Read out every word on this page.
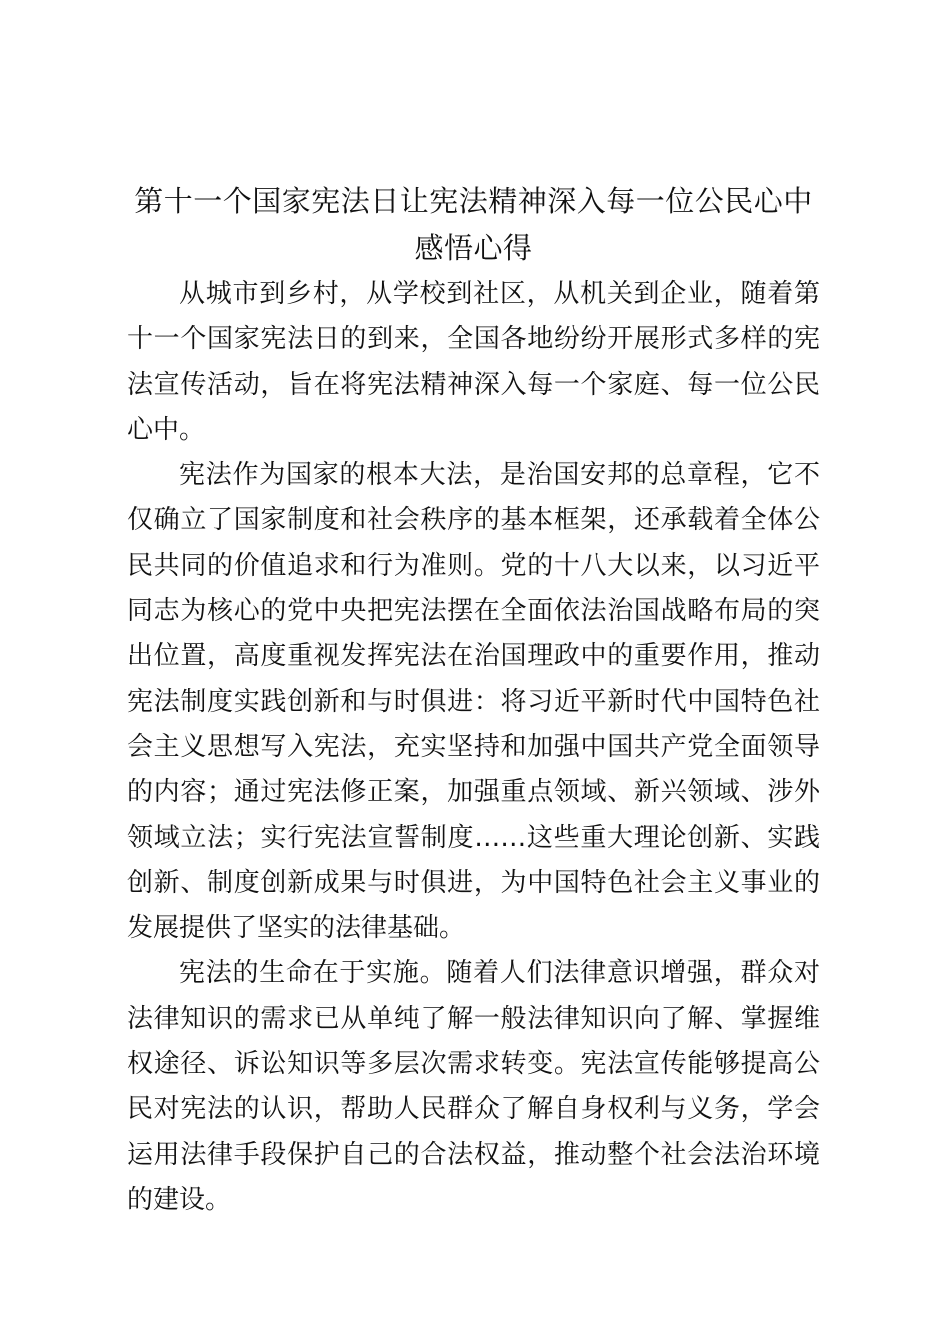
第十一个国家宪法日让宪法精神深入每一位公民心中感悟心得

从城市到乡村，从学校到社区，从机关到企业，随着第十一个国家宪法日的到来，全国各地纷纷开展形式多样的宪法宣传活动，旨在将宪法精神深入每一个家庭、每一位公民心中。

宪法作为国家的根本大法，是治国安邦的总章程，它不仅确立了国家制度和社会秩序的基本框架，还承载着全体公民共同的价值追求和行为准则。党的十八大以来，以习近平同志为核心的党中央把宪法摆在全面依法治国战略布局的突出位置，高度重视发挥宪法在治国理政中的重要作用，推动宪法制度实践创新和与时俱进：将习近平新时代中国特色社会主义思想写入宪法，充实坚持和加强中国共产党全面领导的内容；通过宪法修正案，加强重点领域、新兴领域、涉外领域立法；实行宪法宣誓制度……这些重大理论创新、实践创新、制度创新成果与时俱进，为中国特色社会主义事业的发展提供了坚实的法律基础。

宪法的生命在于实施。随着人们法律意识增强，群众对法律知识的需求已从单纯了解一般法律知识向了解、掌握维权途径、诉讼知识等多层次需求转变。宪法宣传能够提高公民对宪法的认识，帮助人民群众了解自身权利与义务，学会运用法律手段保护自己的合法权益，推动整个社会法治环境的建设。
